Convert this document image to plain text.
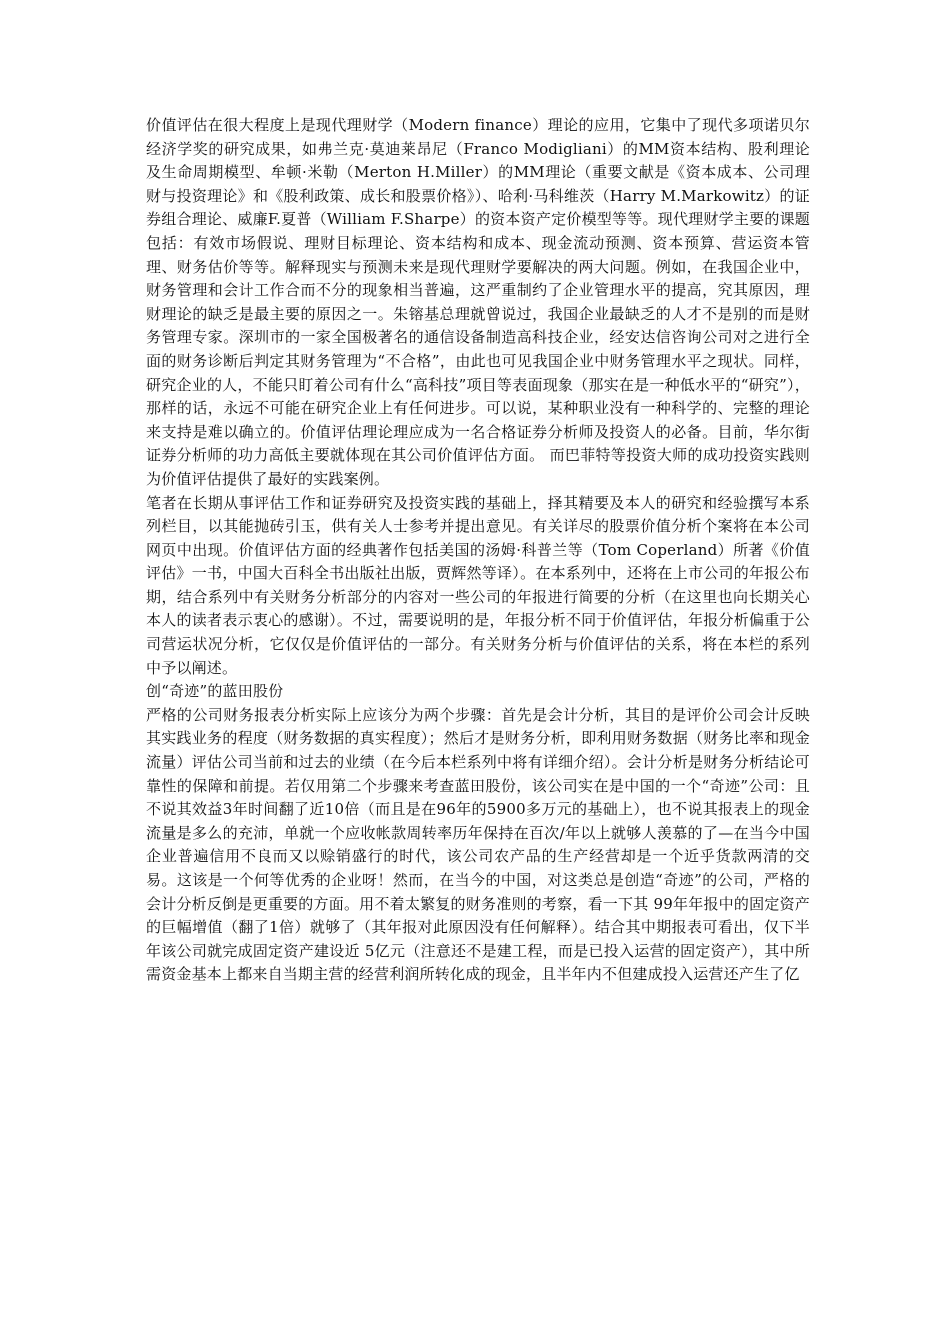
价值评估在很大程度上是现代理财学（Modern finance）理论的应用，它集中了现代多项诺贝尔经济学奖的研究成果，如弗兰克·莫迪莱昂尼（Franco Modigliani）的MM资本结构、股利理论及生命周期模型、牟顿·米勒（Merton H.Miller）的MM理论（重要文献是《资本成本、公司理财与投资理论》和《股利政策、成长和股票价格》）、哈利·马科维茨（Harry M.Markowitz）的证券组合理论、威廉F.夏普（William F.Sharpe）的资本资产定价模型等等。现代理财学主要的课题包括：有效市场假说、理财目标理论、资本结构和成本、现金流动预测、资本预算、营运资本管理、财务估价等等。解释现实与预测未来是现代理财学要解决的两大问题。例如，在我国企业中，财务管理和会计工作合而不分的现象相当普遍，这严重制约了企业管理水平的提高，究其原因，理财理论的缺乏是最主要的原因之一。朱镕基总理就曾说过，我国企业最缺乏的人才不是别的而是财务管理专家。深圳市的一家全国极著名的通信设备制造高科技企业，经安达信咨询公司对之进行全面的财务诊断后判定其财务管理为“不合格”，由此也可见我国企业中财务管理水平之现状。同样，研究企业的人，不能只盯着公司有什么“高科技”项目等表面现象（那实在是一种低水平的“研究”），那样的话，永远不可能在研究企业上有任何进步。可以说，某种职业没有一种科学的、完整的理论来支持是难以确立的。价值评估理论理应成为一名合格证券分析师及投资人的必备。目前，华尔街证券分析师的功力高低主要就体现在其公司价值评估方面。 而巴菲特等投资大师的成功投资实践则为价值评估提供了最好的实践案例。

笔者在长期从事评估工作和证券研究及投资实践的基础上，择其精要及本人的研究和经验撰写本系列栏目，以其能抛砖引玉，供有关人士参考并提出意见。有关详尽的股票价值分析个案将在本公司网页中出现。价值评估方面的经典著作包括美国的汤姆·科普兰等（Tom Coperland）所著《价值评估》一书，中国大百科全书出版社出版，贾辉然等译）。在本系列中，还将在上市公司的年报公布期，结合系列中有关财务分析部分的内容对一些公司的年报进行简要的分析（在这里也向长期关心本人的读者表示衷心的感谢）。不过，需要说明的是，年报分析不同于价值评估，年报分析偏重于公司营运状况分析，它仅仅是价值评估的一部分。有关财务分析与价值评估的关系，将在本栏的系列中予以阐述。

创“奇迹”的蓝田股份

严格的公司财务报表分析实际上应该分为两个步骤：首先是会计分析，其目的是评价公司会计反映其实践业务的程度（财务数据的真实程度）；然后才是财务分析，即利用财务数据（财务比率和现金流量）评估公司当前和过去的业绩（在今后本栏系列中将有详细介绍）。会计分析是财务分析结论可靠性的保障和前提。若仅用第二个步骤来考查蓝田股份，该公司实在是中国的一个“奇迹”公司：且不说其效益3年时间翻了近10倍（而且是在96年的5900多万元的基础上），也不说其报表上的现金流量是多么的充沛，单就一个应收帐款周转率历年保持在百次/年以上就够人羡慕的了—在当今中国企业普遍信用不良而又以赊销盛行的时代，该公司农产品的生产经营却是一个近乎货款两清的交易。这该是一个何等优秀的企业呀！然而，在当今的中国，对这类总是创造“奇迹”的公司，严格的会计分析反倒是更重要的方面。用不着太繁复的财务准则的考察，看一下其 99年年报中的固定资产的巨幅增值（翻了1倍）就够了（其年报对此原因没有任何解释）。结合其中期报表可看出，仅下半年该公司就完成固定资产建设近 5亿元（注意还不是建工程，而是已投入运营的固定资产），其中所需资金基本上都来自当期主营的经营利润所转化成的现金，且半年内不但建成投入运营还产生了亿
